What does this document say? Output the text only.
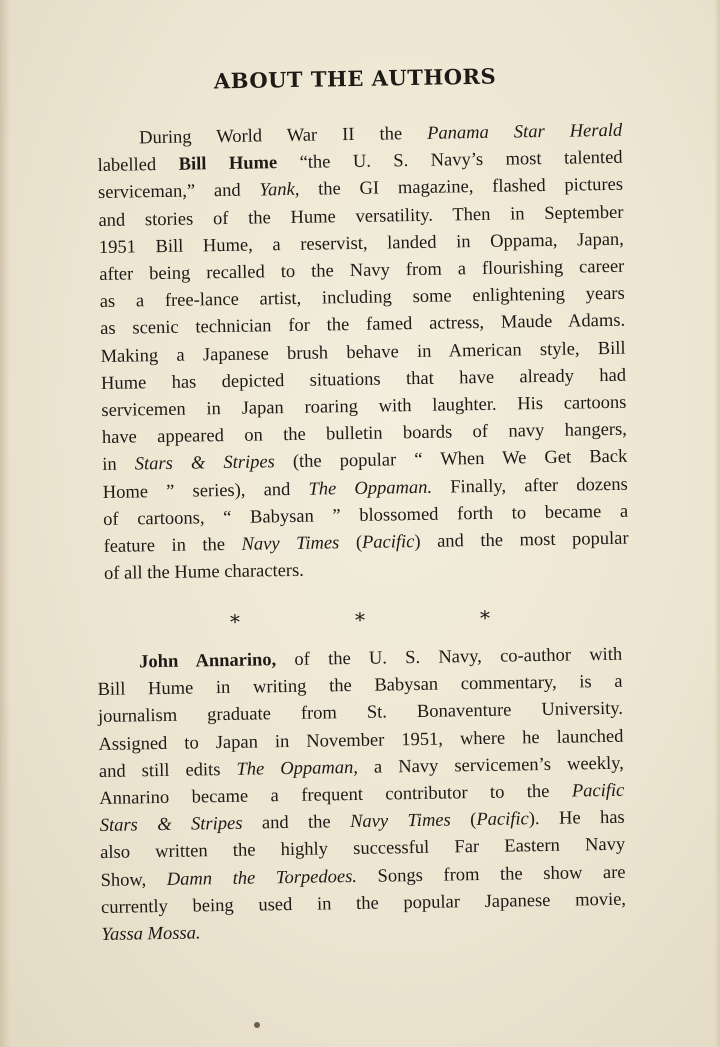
ABOUT THE AUTHORS
During World War II the Panama Star Herald
labelled Bill Hume “the U. S. Navy’s most talented
serviceman,” and Yank, the GI magazine, flashed pictures
and stories of the Hume versatility. Then in September
1951 Bill Hume, a reservist, landed in Oppama, Japan,
after being recalled to the Navy from a flourishing career
as a free-lance artist, including some enlightening years
as scenic technician for the famed actress, Maude Adams.
Making a Japanese brush behave in American style, Bill
Hume has depicted situations that have already had
servicemen in Japan roaring with laughter. His cartoons
have appeared on the bulletin boards of navy hangers,
in Stars & Stripes (the popular “ When We Get Back
Home ” series), and The Oppaman. Finally, after dozens
of cartoons, “ Babysan ” blossomed forth to became a
feature in the Navy Times (Pacific) and the most popular
of all the Hume characters.
*	*	*
John Annarino, of the U. S. Navy, co-author with
Bill Hume in writing the Babysan commentary, is a
journalism graduate from St. Bonaventure University.
Assigned to Japan in November 1951, where he launched
and still edits The Oppaman, a Navy servicemen’s weekly,
Annarino became a frequent contributor to the Pacific
Stars & Stripes and the Navy Times (Pacific). He has
also written the highly successful Far Eastern Navy
Show, Damn the Torpedoes. Songs from the show are
currently being used in the popular Japanese movie,
Yassa Mossa.
